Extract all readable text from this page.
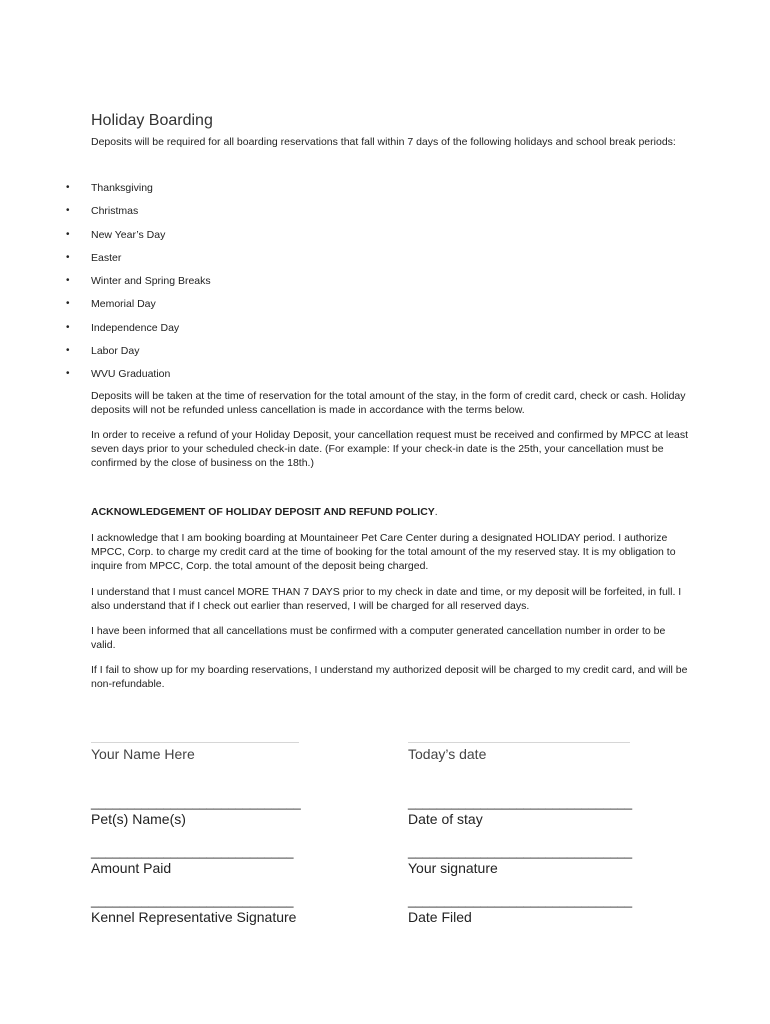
Holiday Boarding

Deposits will be required for all boarding reservations that fall within 7 days of the following holidays and school break periods:

• Thanksgiving
• Christmas
• New Year’s Day
• Easter
• Winter and Spring Breaks
• Memorial Day
• Independence Day
• Labor Day
• WVU Graduation

Deposits will be taken at the time of reservation for the total amount of the stay, in the form of credit card, check or cash. Holiday deposits will not be refunded unless cancellation is made in accordance with the terms below.

In order to receive a refund of your Holiday Deposit, your cancellation request must be received and confirmed by MPCC at least seven days prior to your scheduled check-in date. (For example: If your check-in date is the 25th, your cancellation must be confirmed by the close of business on the 18th.)

ACKNOWLEDGEMENT OF HOLIDAY DEPOSIT AND REFUND POLICY.

I acknowledge that I am booking boarding at Mountaineer Pet Care Center during a designated HOLIDAY period. I authorize MPCC, Corp. to charge my credit card at the time of booking for the total amount of the my reserved stay. It is my obligation to inquire from MPCC, Corp. the total amount of the deposit being charged.

I understand that I must cancel MORE THAN 7 DAYS prior to my check in date and time, or my deposit will be forfeited, in full. I also understand that if I check out earlier than reserved, I will be charged for all reserved days.

I have been informed that all cancellations must be confirmed with a computer generated cancellation number in order to be valid.

If I fail to show up for my boarding reservations, I understand my authorized deposit will be charged to my credit card, and will be non-refundable.

Your Name Here	Today’s date
_____________________________
Pet(s) Name(s)
_______________________________
Date of stay
____________________________
Amount Paid
_______________________________
Your signature
____________________________
Kennel Representative Signature
_______________________________
Date Filed
